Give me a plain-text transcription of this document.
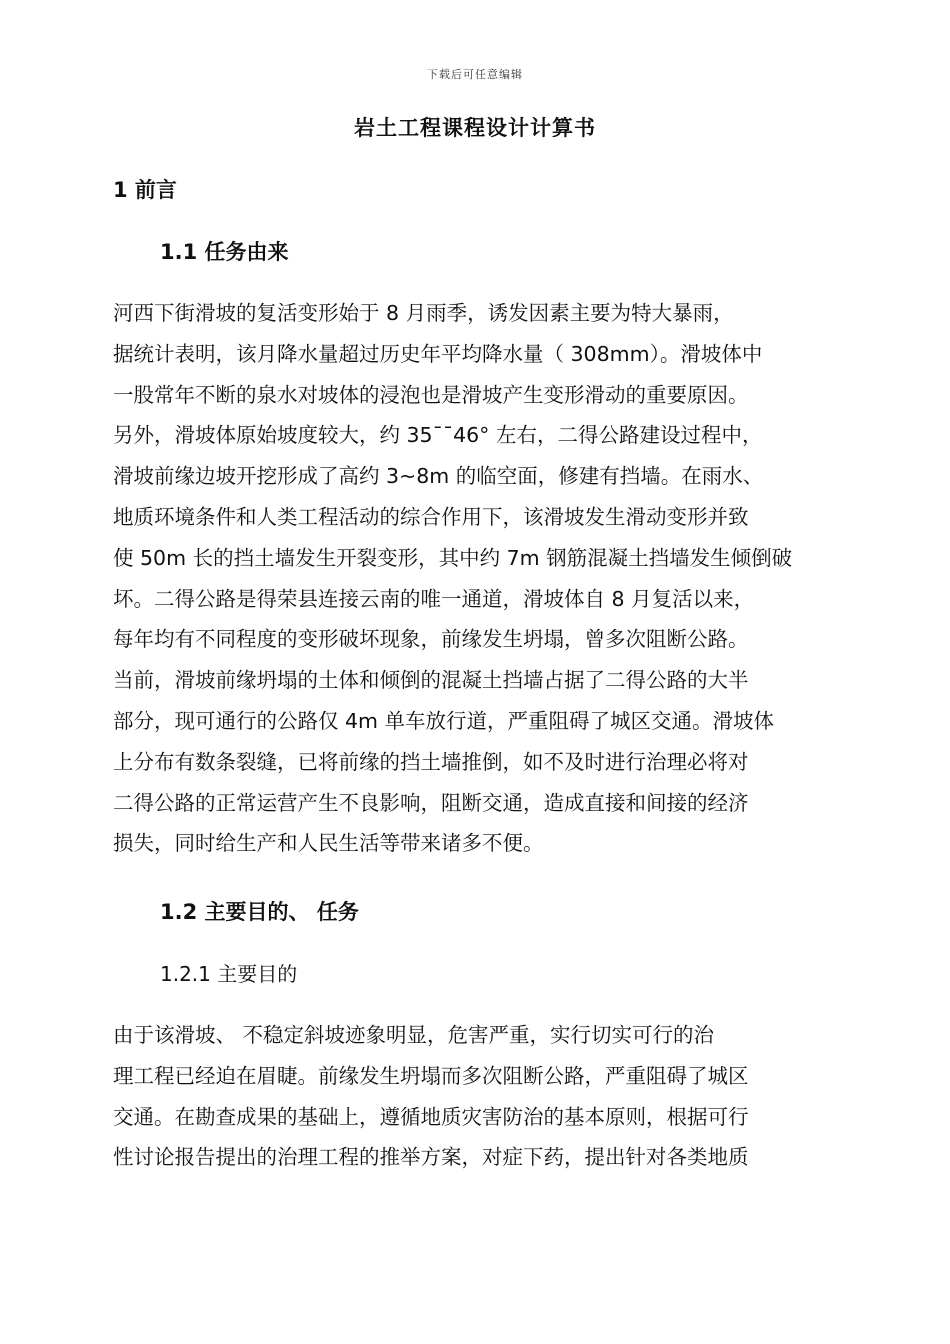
下载后可任意编辑
岩土工程课程设计计算书
1 前言
1.1 任务由来

河西下街滑坡的复活变形始于 8 月雨季，诱发因素主要为特大暴雨，
据统计表明，该月降水量超过历史年平均降水量（ 308mm）。滑坡体中
一股常年不断的泉水对坡体的浸泡也是滑坡产生变形滑动的重要原因。
另外，滑坡体原始坡度较大，约 35¯¯46° 左右，二得公路建设过程中，
滑坡前缘边坡开挖形成了高约 3~8m 的临空面，修建有挡墙。在雨水、
地质环境条件和人类工程活动的综合作用下，该滑坡发生滑动变形并致
使 50m 长的挡土墙发生开裂变形，其中约 7m 钢筋混凝土挡墙发生倾倒破
坏。二得公路是得荣县连接云南的唯一通道，滑坡体自 8 月复活以来，
每年均有不同程度的变形破坏现象，前缘发生坍塌，曾多次阻断公路。
当前，滑坡前缘坍塌的土体和倾倒的混凝土挡墙占据了二得公路的大半
部分，现可通行的公路仅 4m 单车放行道，严重阻碍了城区交通。滑坡体
上分布有数条裂缝，已将前缘的挡土墙推倒，如不及时进行治理必将对
二得公路的正常运营产生不良影响，阻断交通，造成直接和间接的经济
损失，同时给生产和人民生活等带来诸多不便。

1.2 主要目的、 任务
1.2.1 主要目的

由于该滑坡、 不稳定斜坡迹象明显，危害严重，实行切实可行的治
理工程已经迫在眉睫。前缘发生坍塌而多次阻断公路，严重阻碍了城区
交通。在勘查成果的基础上，遵循地质灾害防治的基本原则，根据可行
性讨论报告提出的治理工程的推举方案，对症下药，提出针对各类地质
